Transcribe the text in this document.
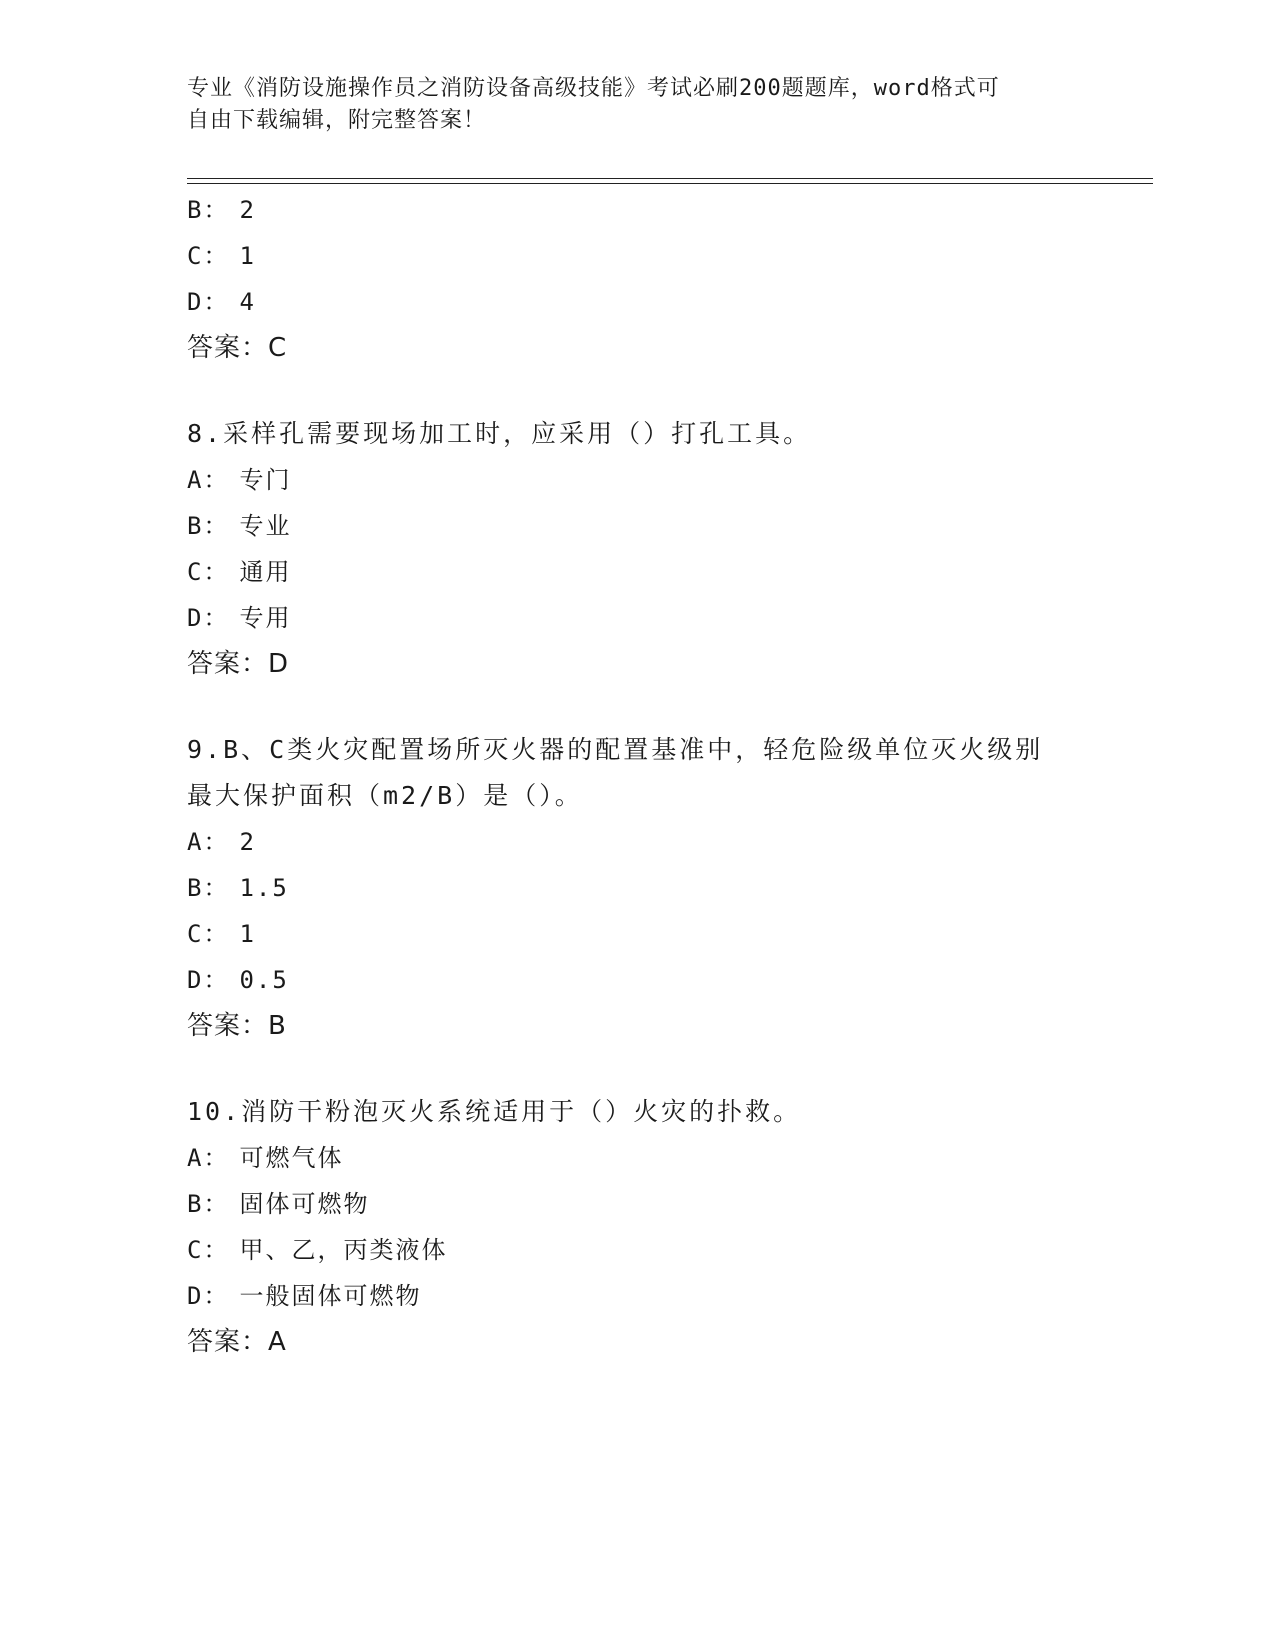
专业《消防设施操作员之消防设备高级技能》考试必刷200题题库，word格式可
自由下载编辑，附完整答案！
B： 2
C： 1
D： 4
答案：C
8.采样孔需要现场加工时，应采用（）打孔工具。
A： 专门
B： 专业
C： 通用
D： 专用
答案：D
9.B、C类火灾配置场所灭火器的配置基准中，轻危险级单位灭火级别
最大保护面积（m2/B）是（）。
A： 2
B： 1.5
C： 1
D： 0.5
答案：B
10.消防干粉泡灭火系统适用于（）火灾的扑救。
A： 可燃气体
B： 固体可燃物
C： 甲、乙，丙类液体
D： 一般固体可燃物
答案：A
